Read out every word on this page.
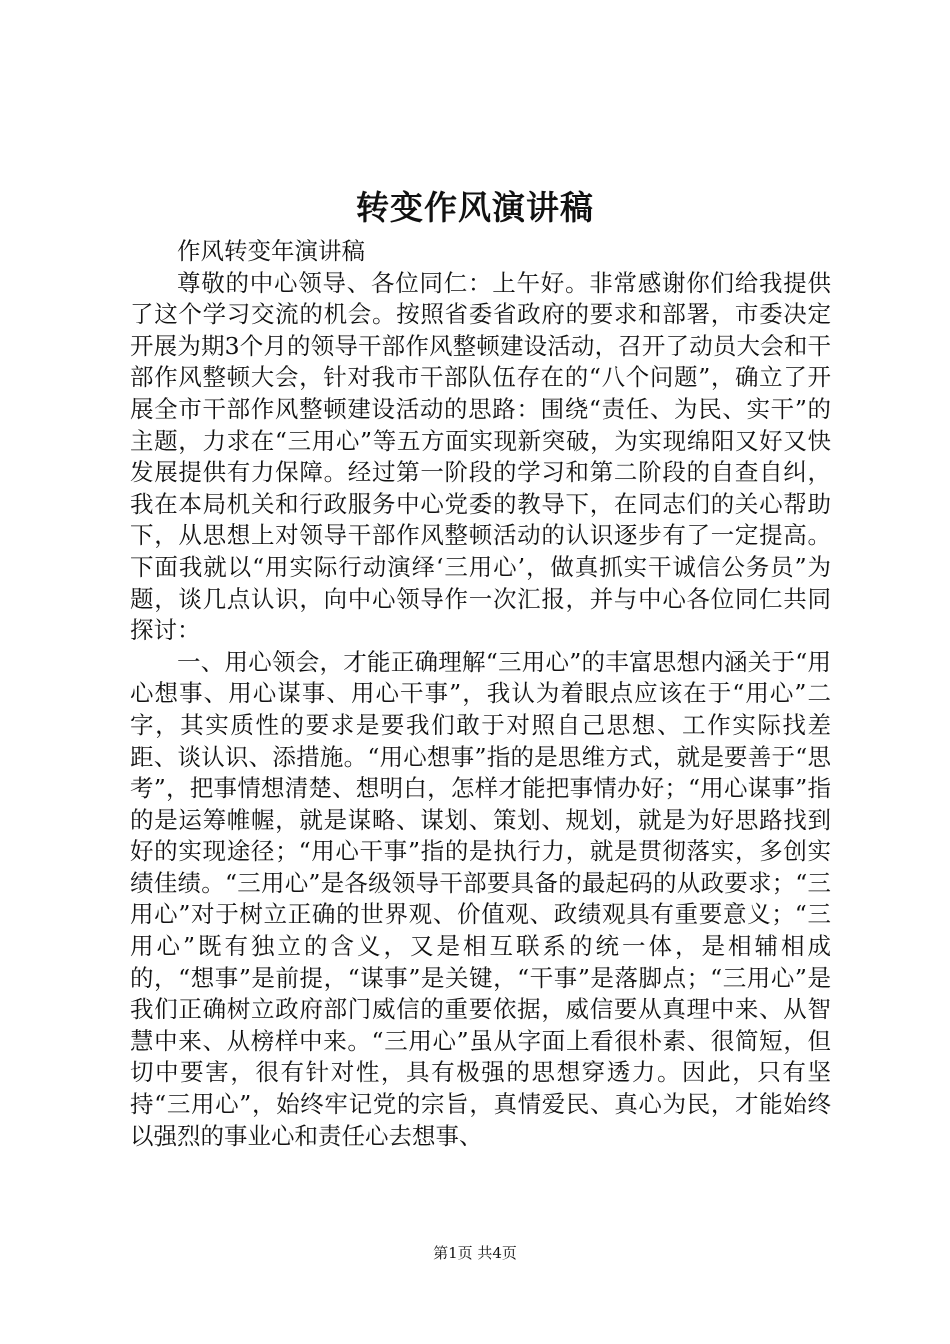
转变作风演讲稿

作风转变年演讲稿

尊敬的中心领导、各位同仁：上午好。非常感谢你们给我提供了这个学习交流的机会。按照省委省政府的要求和部署，市委决定开展为期3个月的领导干部作风整顿建设活动，召开了动员大会和干部作风整顿大会，针对我市干部队伍存在的“八个问题”，确立了开展全市干部作风整顿建设活动的思路：围绕“责任、为民、实干”的主题，力求在“三用心”等五方面实现新突破，为实现绵阳又好又快发展提供有力保障。经过第一阶段的学习和第二阶段的自查自纠，我在本局机关和行政服务中心党委的教导下，在同志们的关心帮助下，从思想上对领导干部作风整顿活动的认识逐步有了一定提高。下面我就以“用实际行动演绎‘三用心’，做真抓实干诚信公务员”为题，谈几点认识，向中心领导作一次汇报，并与中心各位同仁共同探讨：

一、用心领会，才能正确理解“三用心”的丰富思想内涵关于“用心想事、用心谋事、用心干事”，我认为着眼点应该在于“用心”二字，其实质性的要求是要我们敢于对照自己思想、工作实际找差距、谈认识、添措施。“用心想事”指的是思维方式，就是要善于“思考”，把事情想清楚、想明白，怎样才能把事情办好；“用心谋事”指的是运筹帷幄，就是谋略、谋划、策划、规划，就是为好思路找到好的实现途径；“用心干事”指的是执行力，就是贯彻落实，多创实绩佳绩。“三用心”是各级领导干部要具备的最起码的从政要求；“三用心”对于树立正确的世界观、价值观、政绩观具有重要意义；“三用心”既有独立的含义，又是相互联系的统一体，是相辅相成的，“想事”是前提，“谋事”是关键，“干事”是落脚点；“三用心”是我们正确树立政府部门威信的重要依据，威信要从真理中来、从智慧中来、从榜样中来。“三用心”虽从字面上看很朴素、很简短，但切中要害，很有针对性，具有极强的思想穿透力。因此，只有坚持“三用心”，始终牢记党的宗旨，真情爱民、真心为民，才能始终以强烈的事业心和责任心去想事、

第1页 共4页
